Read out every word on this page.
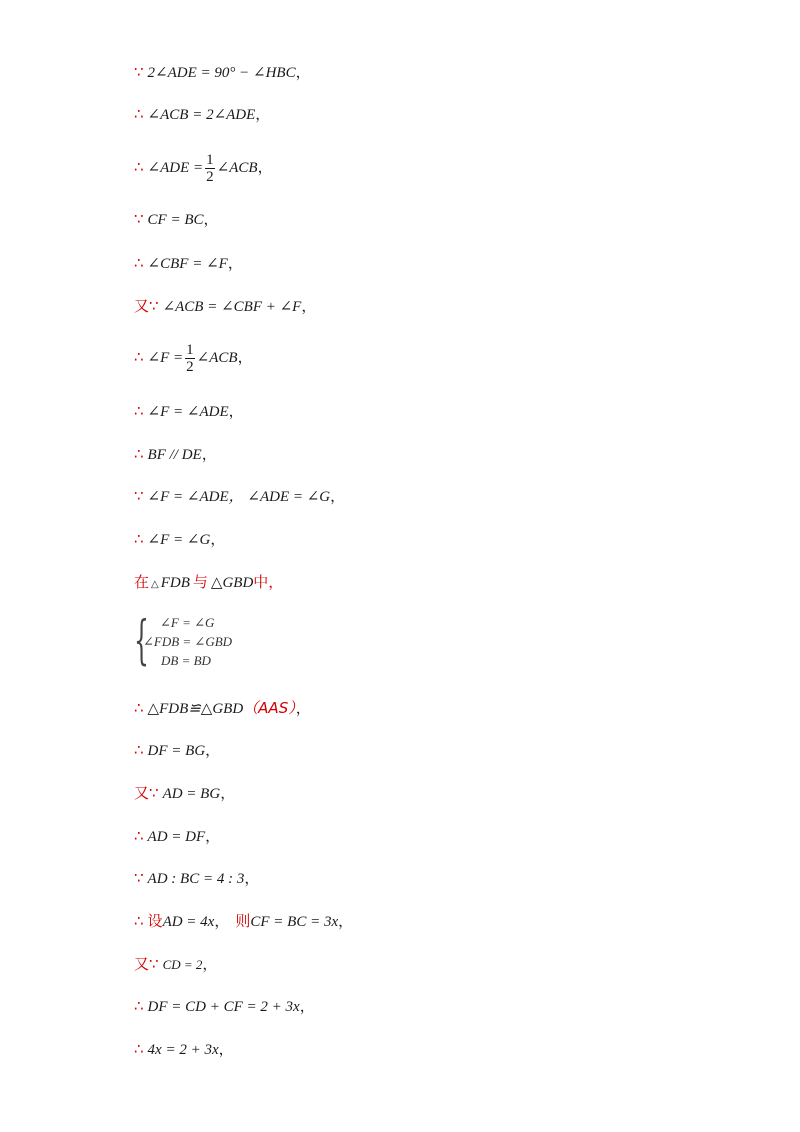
∵ 2∠ADE = 90° − ∠HBC，
∴ ∠ACB = 2∠ADE，
∴ ∠ADE = $\frac{1}{2}$ ∠ACB，
∵ CF = BC，
∴ ∠CBF = ∠F，
又∵ ∠ACB = ∠CBF + ∠F，
∴ ∠F = $\frac{1}{2}$ ∠ACB，
∴ ∠F = ∠ADE，
∴ BF // DE，
∵ ∠F = ∠ADE， ∠ADE = ∠G，
∴ ∠F = ∠G，
在 △ FDB 与 △GBD中，
{ ∠F = ∠G
∠FDB = ∠GBD
DB = BD
∴ △FDB≌△GBD（AAS），
∴ DF = BG，
又∵ AD = BG，
∴ AD = DF，
∵ AD : BC = 4 : 3，
∴ 设AD = 4x， 则CF = BC = 3x，
又∵ CD = 2，
∴ DF = CD + CF = 2 + 3x，
∴ 4x = 2 + 3x，
